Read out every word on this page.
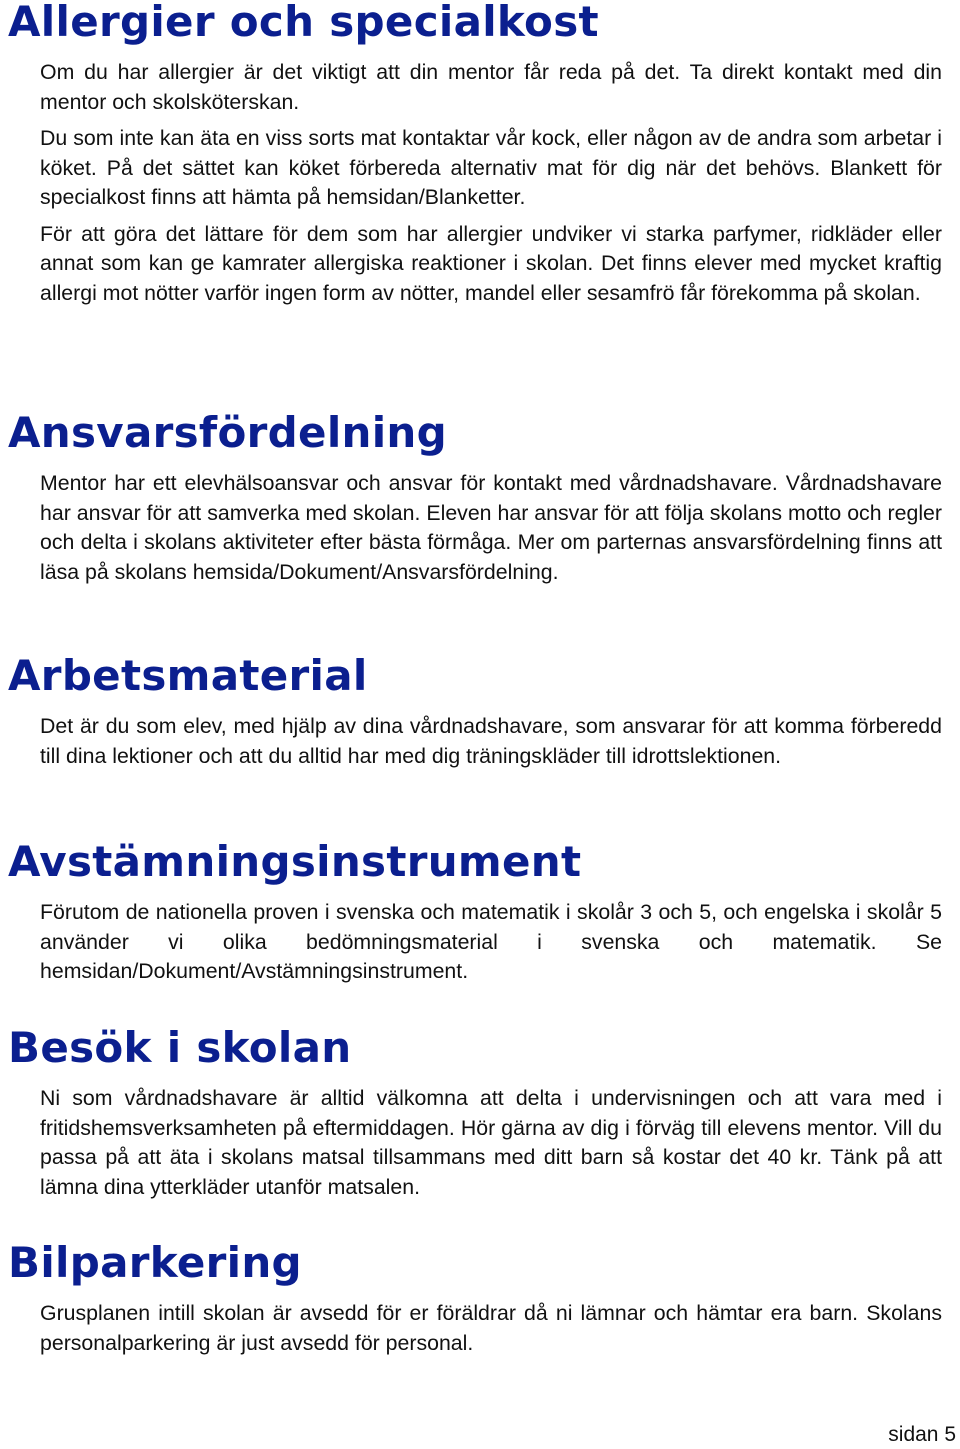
Allergier och specialkost

Om du har allergier är det viktigt att din mentor får reda på det. Ta direkt kontakt med din mentor och skolsköterskan.

Du som inte kan äta en viss sorts mat kontaktar vår kock, eller någon av de andra som arbetar i köket. På det sättet kan köket förbereda alternativ mat för dig när det behövs. Blankett för specialkost finns att hämta på hemsidan/Blanketter.

För att göra det lättare för dem som har allergier undviker vi starka parfymer, ridkläder eller annat som kan ge kamrater allergiska reaktioner i skolan. Det finns elever med mycket kraftig allergi mot nötter varför ingen form av nötter, mandel eller sesamfrö får förekomma på skolan.

Ansvarsfördelning

Mentor har ett elevhälsoansvar och ansvar för kontakt med vårdnadshavare. Vårdnadshavare har ansvar för att samverka med skolan. Eleven har ansvar för att följa skolans motto och regler och delta i skolans aktiviteter efter bästa förmåga. Mer om parternas ansvarsfördelning finns att läsa på skolans hemsida/Dokument/Ansvarsfördelning.

Arbetsmaterial

Det är du som elev, med hjälp av dina vårdnadshavare, som ansvarar för att komma förberedd till dina lektioner och att du alltid har med dig träningskläder till idrottslektionen.

Avstämningsinstrument

Förutom de nationella proven i svenska och matematik i skolår 3 och 5, och engelska i skolår 5 använder vi olika bedömningsmaterial i svenska och matematik. Se hemsidan/Dokument/Avstämningsinstrument.

Besök i skolan

Ni som vårdnadshavare är alltid välkomna att delta i undervisningen och att vara med i fritidshemsverksamheten på eftermiddagen. Hör gärna av dig i förväg till elevens mentor. Vill du passa på att äta i skolans matsal tillsammans med ditt barn så kostar det 40 kr. Tänk på att lämna dina ytterkläder utanför matsalen.

Bilparkering

Grusplanen intill skolan är avsedd för er föräldrar då ni lämnar och hämtar era barn. Skolans personalparkering är just avsedd för personal.

sidan 5
